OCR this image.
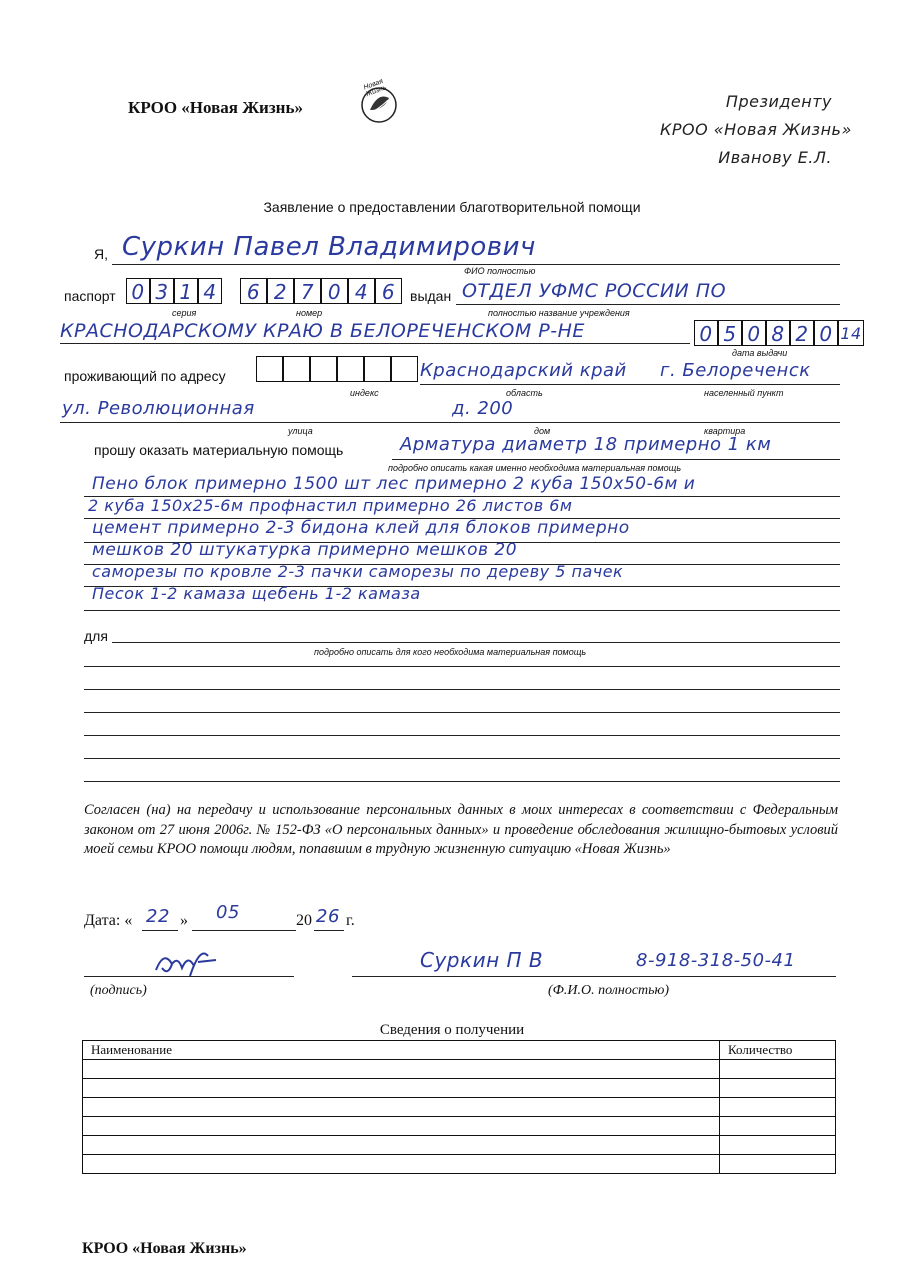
КРОО «Новая Жизнь»
Новая Жизнь
Президенту
КРОО «Новая Жизнь»
Иванову Е.Л.
Заявление о предоставлении благотворительной помощи
Я, Суркин Павел Владимирович
ФИО полностью
паспорт 0 3 1 4 6 2 7 0 4 6
серия	номер
выдан ОТДЕЛ УФМС РОССИИ ПО
полностью название учреждения
КРАСНОДАРСКОМУ КРАЮ В БЕЛОРЕЧЕНСКОМ Р-НЕ	0 5 0 8 2 0 14
дата выдачи
проживающий по адресу
индекс
Краснодарский край г. Белореченск
область	населенный пункт
ул. Революционная	д. 200
улица	дом	квартира
прошу оказать материальную помощь	Арматура диаметр 18 примерно 1 км
подробно описать какая именно необходима материальная помощь
Пено блок примерно 1500 шт лес примерно 2 куба 150х50-6м и
2 куба 150х25-6м профнастил примерно 26 листов 6м
цемент примерно 2-3 бидона клей для блоков примерно
мешков 20 штукатурка примерно мешков 20
саморезы по кровле 2-3 пачки саморезы по дереву 5 пачек
Песок 1-2 камаза щебень 1-2 камаза
для
подробно описать для кого необходима материальная помощь
Согласен (на) на передачу и использование персональных данных в моих интересах в соответствии с Федеральным законом от 27 июня 2006г. № 152-ФЗ «О персональных данных» и проведение обследования жилищно-бытовых условий моей семьи КРОО помощи людям, попавшим в трудную жизненную ситуацию «Новая Жизнь»
Дата: « 22 » 05	20 26 г.
(подпись)
Суркин П В	8-918-318-50-41
(Ф.И.О. полностью)
Сведения о получении
Наименование	Количество

КРОО «Новая Жизнь»
